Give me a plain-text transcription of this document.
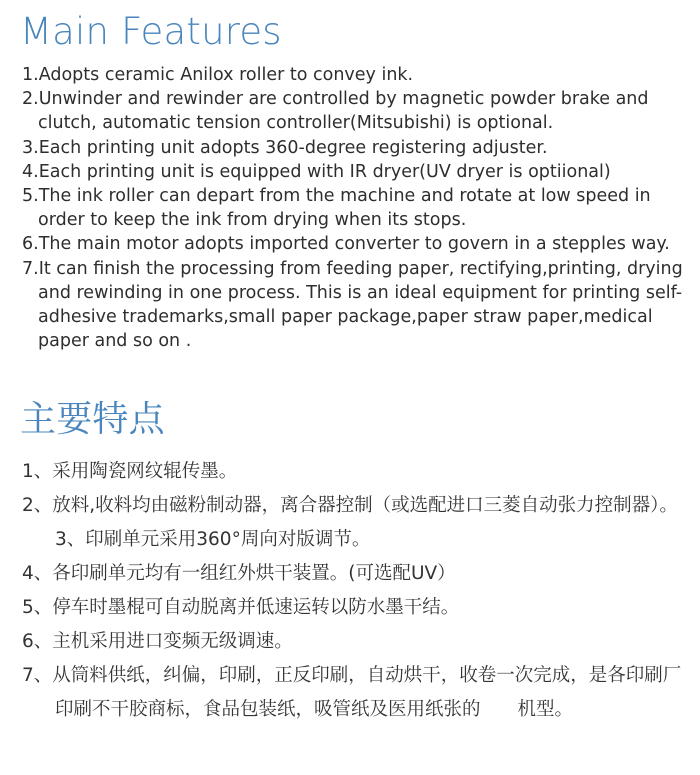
Main Features
1.Adopts ceramic Anilox roller to convey ink.
2.Unwinder and rewinder are controlled by magnetic powder brake and clutch, automatic tension controller(Mitsubishi) is optional.
3.Each printing unit adopts 360-degree registering adjuster.
4.Each printing unit is equipped with IR dryer(UV dryer is optiional)
5.The ink roller can depart from the machine and rotate at low speed in order to keep the ink from drying when its stops.
6.The main motor adopts imported converter to govern in a stepples way.
7.It can finish the processing from feeding paper, rectifying,printing, drying and rewinding in one process. This is an ideal equipment for printing self-adhesive trademarks,small paper package,paper straw paper,medical paper and so on .
主要特点
1、采用陶瓷网纹辊传墨。
2、放料,收料均由磁粉制动器，离合器控制（或选配进口三菱自动张力控制器）。3、印刷单元采用360°周向对版调节。
4、各印刷单元均有一组红外烘干装置。(可选配UV）
5、停车时墨棍可自动脱离并低速运转以防水墨干结。
6、主机采用进口变频无级调速。
7、从筒料供纸，纠偏，印刷，正反印刷，自动烘干，收卷一次完成，是各印刷厂印刷不干胶商标，食品包装纸，吸管纸及医用纸张的　　机型。
